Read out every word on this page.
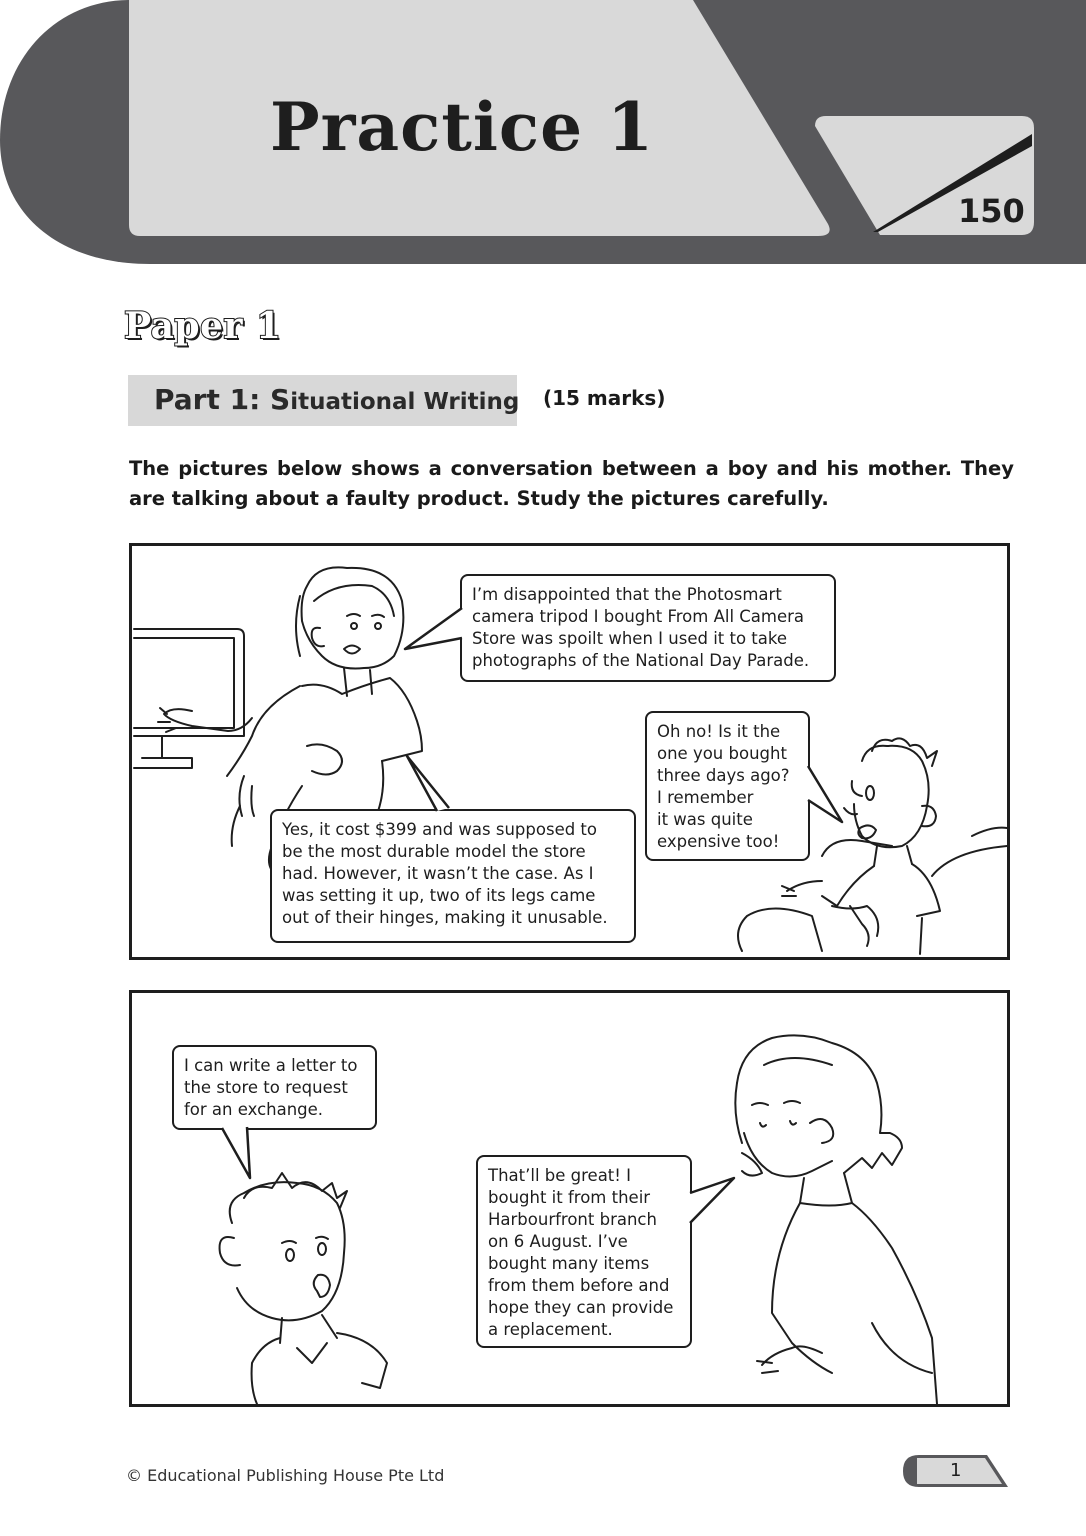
Practice 1
150
Paper 1
Part 1: Situational Writing (15 marks)
The pictures below shows a conversation between a boy and his mother. They are talking about a faulty product. Study the pictures carefully.
I’m disappointed that the Photosmart
camera tripod I bought From All Camera
Store was spoilt when I used it to take
photographs of the National Day Parade.
Oh no! Is it the
one you bought
three days ago?
I remember
it was quite
expensive too!
Yes, it cost $399 and was supposed to
be the most durable model the store
had. However, it wasn’t the case. As I
was setting it up, two of its legs came
out of their hinges, making it unusable.
I can write a letter to
the store to request
for an exchange.
That’ll be great! I
bought it from their
Harbourfront branch
on 6 August. I’ve
bought many items
from them before and
hope they can provide
a replacement.
© Educational Publishing House Pte Ltd	1
